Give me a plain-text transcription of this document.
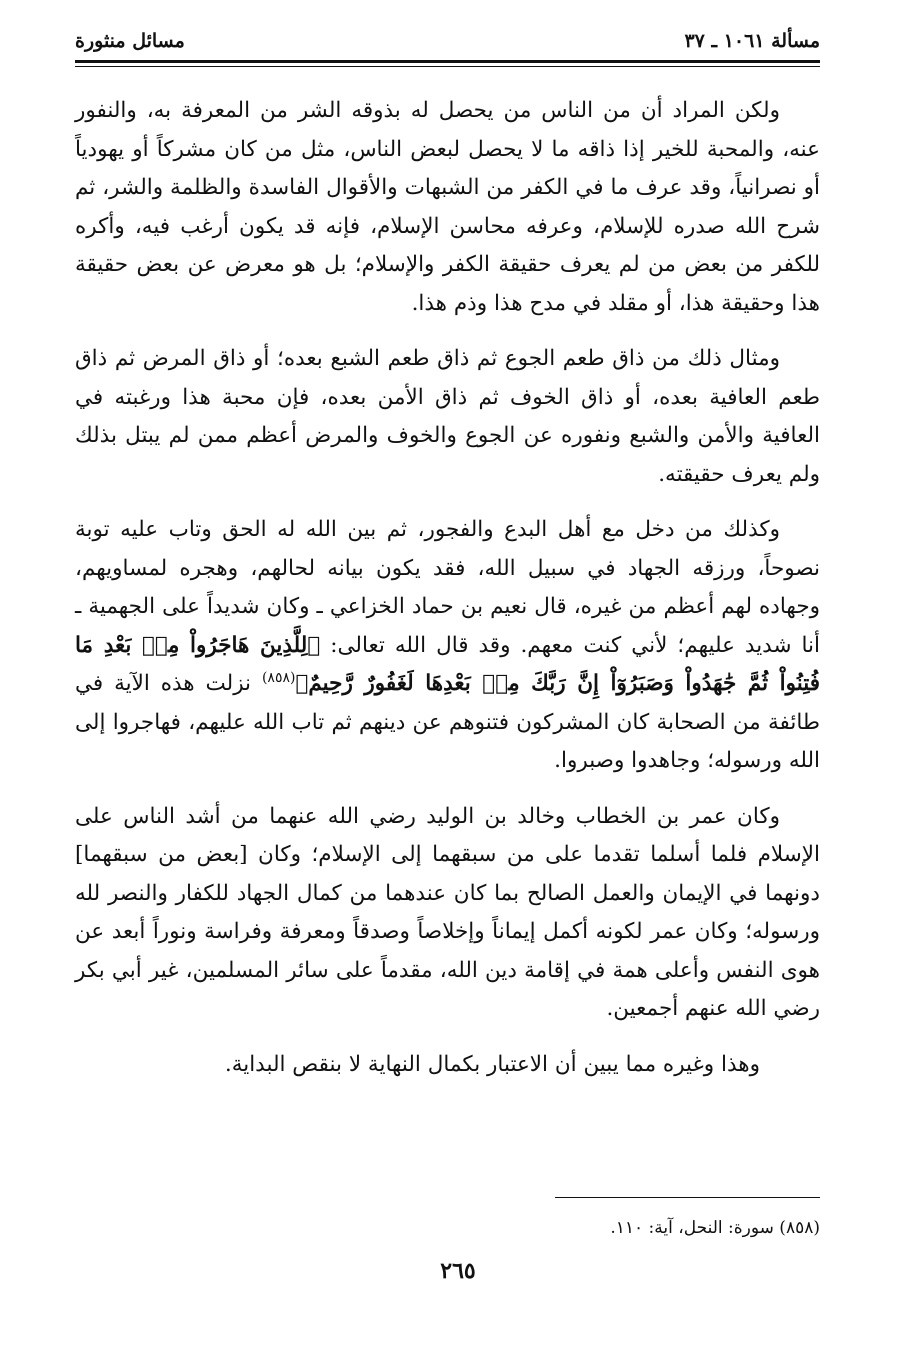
مسألة ١٠٦١ ـ ٣٧
مسائل منثورة

ولكن المراد أن من الناس من يحصل له بذوقه الشر من المعرفة به، والنفور عنه، والمحبة للخير إذا ذاقه ما لا يحصل لبعض الناس، مثل من كان مشركاً أو يهودياً أو نصرانياً، وقد عرف ما في الكفر من الشبهات والأقوال الفاسدة والظلمة والشر، ثم شرح الله صدره للإسلام، وعرفه محاسن الإسلام، فإنه قد يكون أرغب فيه، وأكره للكفر من بعض من لم يعرف حقيقة الكفر والإسلام؛ بل هو معرض عن بعض حقيقة هذا وحقيقة هذا، أو مقلد في مدح هذا وذم هذا.

ومثال ذلك من ذاق طعم الجوع ثم ذاق طعم الشبع بعده؛ أو ذاق المرض ثم ذاق طعم العافية بعده، أو ذاق الخوف ثم ذاق الأمن بعده، فإن محبة هذا ورغبته في العافية والأمن والشبع ونفوره عن الجوع والخوف والمرض أعظم ممن لم يبتل بذلك ولم يعرف حقيقته.

وكذلك من دخل مع أهل البدع والفجور، ثم بين الله له الحق وتاب عليه توبة نصوحاً، ورزقه الجهاد في سبيل الله، فقد يكون بيانه لحالهم، وهجره لمساويهم، وجهاده لهم أعظم من غيره، قال نعيم بن حماد الخزاعي ـ وكان شديداً على الجهمية ـ أنا شديد عليهم؛ لأني كنت معهم. وقد قال الله تعالى: ﴿لِلَّذِينَ هَاجَرُواْ مِنۢ بَعْدِ مَا فُتِنُواْ ثُمَّ جَٰهَدُواْ وَصَبَرُوٓاْ إِنَّ رَبَّكَ مِنۢ بَعْدِهَا لَغَفُورٌ رَّحِيمٌ﴾$^{(٨٥٨)}$ نزلت هذه الآية في طائفة من الصحابة كان المشركون فتنوهم عن دينهم ثم تاب الله عليهم، فهاجروا إلى الله ورسوله؛ وجاهدوا وصبروا.

وكان عمر بن الخطاب وخالد بن الوليد رضي الله عنهما من أشد الناس على الإسلام فلما أسلما تقدما على من سبقهما إلى الإسلام؛ وكان [بعض من سبقهما] دونهما في الإيمان والعمل الصالح بما كان عندهما من كمال الجهاد للكفار والنصر لله ورسوله؛ وكان عمر لكونه أكمل إيماناً وإخلاصاً وصدقاً ومعرفة وفراسة ونوراً أبعد عن هوى النفس وأعلى همة في إقامة دين الله، مقدماً على سائر المسلمين، غير أبي بكر رضي الله عنهم أجمعين.

وهذا وغيره مما يبين أن الاعتبار بكمال النهاية لا بنقص البداية.

(٨٥٨) سورة: النحل، آية: ١١٠.
٢٦٥
